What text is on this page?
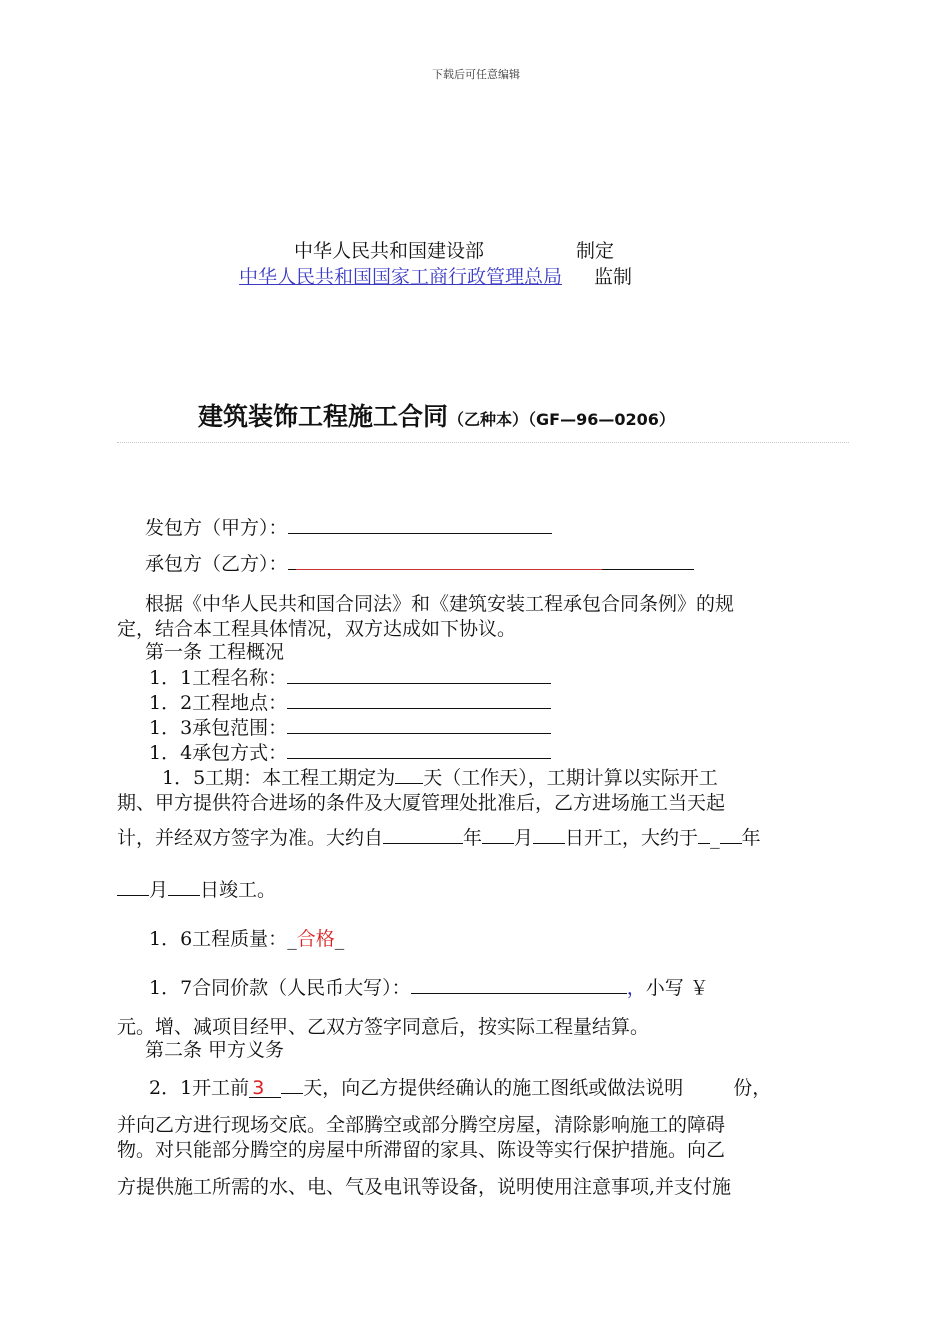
下载后可任意编辑
中华人民共和国建设部	制定
中华人民共和国国家工商行政管理总局 监制
建筑装饰工程施工合同（乙种本）（GF—96—0206）
发包方（甲方）：
承包方（乙方）：
根据《中华人民共和国合同法》和《建筑安装工程承包合同条例》的规
定，结合本工程具体情况，双方达成如下协议。
第一条 工程概况
1．1工程名称：
1．2工程地点：
1．3承包范围：
1．4承包方式：
1．5工期：本工程工期定为 天（工作天），工期计算以实际开工
期、甲方提供符合进场的条件及大厦管理处批准后，乙方进场施工当天起
计，并经双方签字为准。大约自	年 月 日开工，大约于 _ 年
月 日竣工。
1．6工程质量：_合格_
1．7合同价款（人民币大写）：	，小写 ￥
元。增、减项目经甲、乙双方签字同意后，按实际工程量结算。
第二条 甲方义务
2．1开工前 3 天，向乙方提供经确认的施工图纸或做法说明	份，
并向乙方进行现场交底。全部腾空或部分腾空房屋，清除影响施工的障碍
物。对只能部分腾空的房屋中所滞留的家具、陈设等实行保护措施。向乙
方提供施工所需的水、电、气及电讯等设备，说明使用注意事项,并支付施
